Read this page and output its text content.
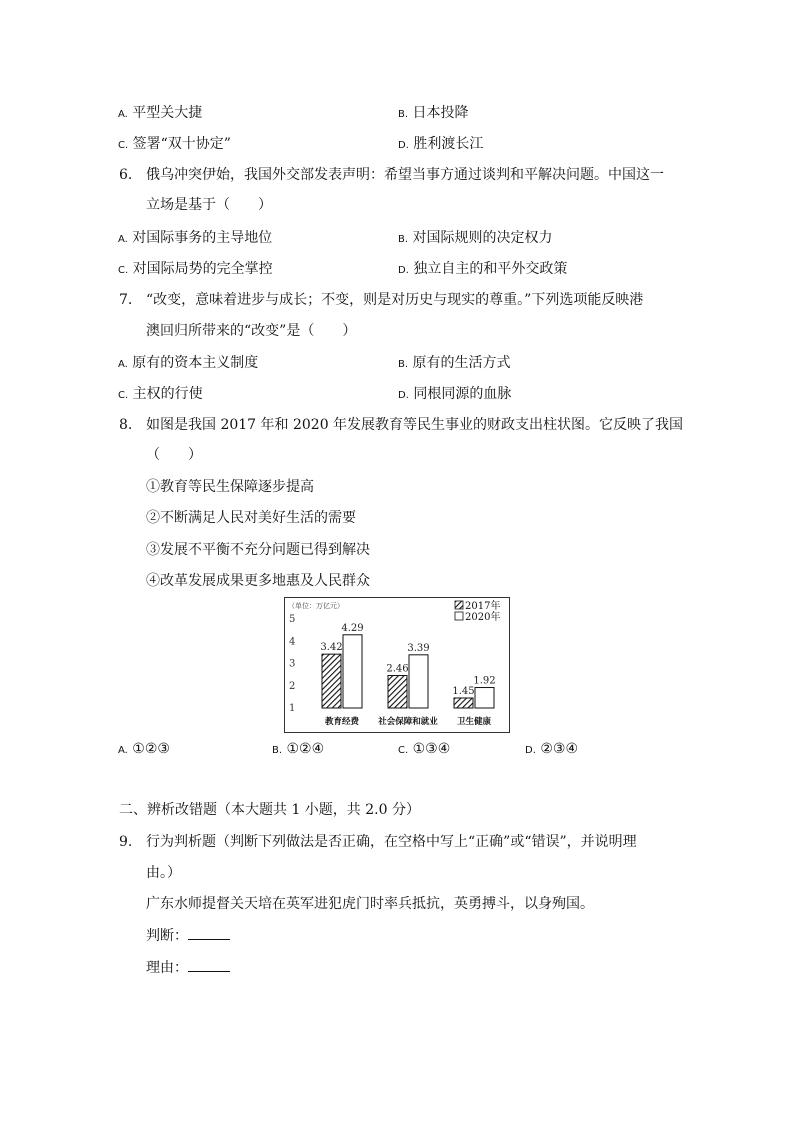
A. 平型关大捷	B. 日本投降
C. 签署“双十协定”	D. 胜利渡长江
6. 俄乌冲突伊始，我国外交部发表声明：希望当事方通过谈判和平解决问题。中国这一
立场是基于（　　）
A. 对国际事务的主导地位	B. 对国际规则的决定权力
C. 对国际局势的完全掌控	D. 独立自主的和平外交政策
7. “改变，意味着进步与成长；不变，则是对历史与现实的尊重。”下列选项能反映港
澳回归所带来的“改变”是（　　）
A. 原有的资本主义制度	B. 原有的生活方式
C. 主权的行使	D. 同根同源的血脉
8. 如图是我国 2017 年和 2020 年发展教育等民生事业的财政支出柱状图。它反映了我国
（　　）
①教育等民生保障逐步提高
②不断满足人民对美好生活的需要
③发展不平衡不充分问题已得到解决
④改革发展成果更多地惠及人民群众
（单位：万亿元）	2017年
2020年
1
2
3
4
5
3.42
4.29
2.46
3.39
1.45
1.92
教育经费 社会保障和就业 卫生健康
A. ①②③	B. ①②④	C. ①③④	D. ②③④
二、辨析改错题（本大题共 1 小题，共 2.0 分）
9. 行为判析题（判断下列做法是否正确，在空格中写上“正确”或“错误”，并说明理
由。）
广东水师提督关天培在英军进犯虎门时率兵抵抗，英勇搏斗，以身殉国。
判断：
理由：
